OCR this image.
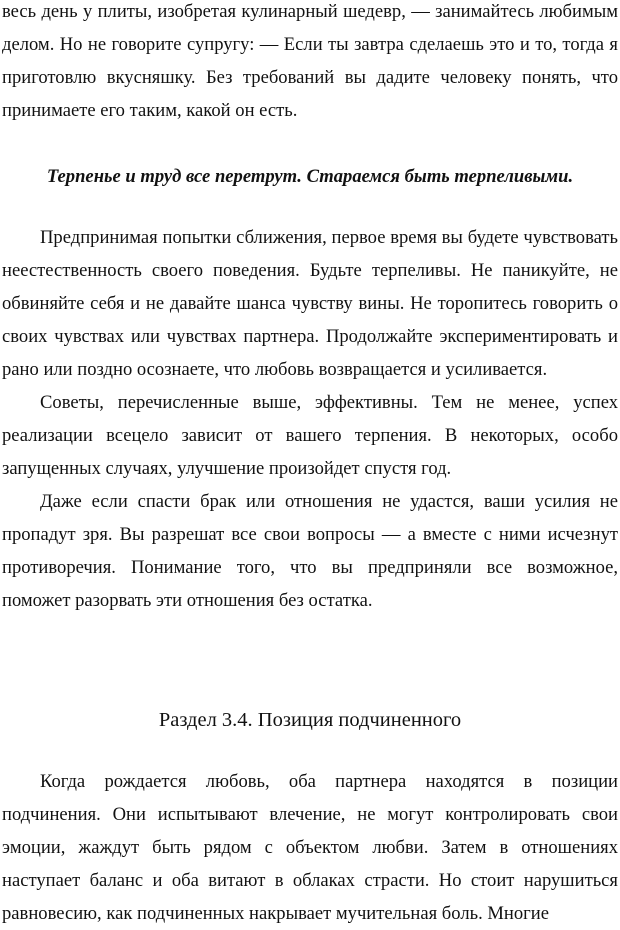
весь день у плиты, изобретая кулинарный шедевр, — занимайтесь любимым делом. Но не говорите супругу: — Если ты завтра сделаешь это и то, тогда я приготовлю вкусняшку. Без требований вы дадите человеку понять, что принимаете его таким, какой он есть.

Терпенье и труд все перетрут. Стараемся быть терпеливыми.

Предпринимая попытки сближения, первое время вы будете чувствовать неестественность своего поведения. Будьте терпеливы. Не паникуйте, не обвиняйте себя и не давайте шанса чувству вины. Не торопитесь говорить о своих чувствах или чувствах партнера. Продолжайте экспериментировать и рано или поздно осознаете, что любовь возвращается и усиливается.

Советы, перечисленные выше, эффективны. Тем не менее, успех реализации всецело зависит от вашего терпения. В некоторых, особо запущенных случаях, улучшение произойдет спустя год.

Даже если спасти брак или отношения не удастся, ваши усилия не пропадут зря. Вы разрешат все свои вопросы — а вместе с ними исчезнут противоречия. Понимание того, что вы предприняли все возможное, поможет разорвать эти отношения без остатка.

Раздел 3.4. Позиция подчиненного

Когда рождается любовь, оба партнера находятся в позиции подчинения. Они испытывают влечение, не могут контролировать свои эмоции, жаждут быть рядом с объектом любви. Затем в отношениях наступает баланс и оба витают в облаках страсти. Но стоит нарушиться равновесию, как подчиненных накрывает мучительная боль. Многие
